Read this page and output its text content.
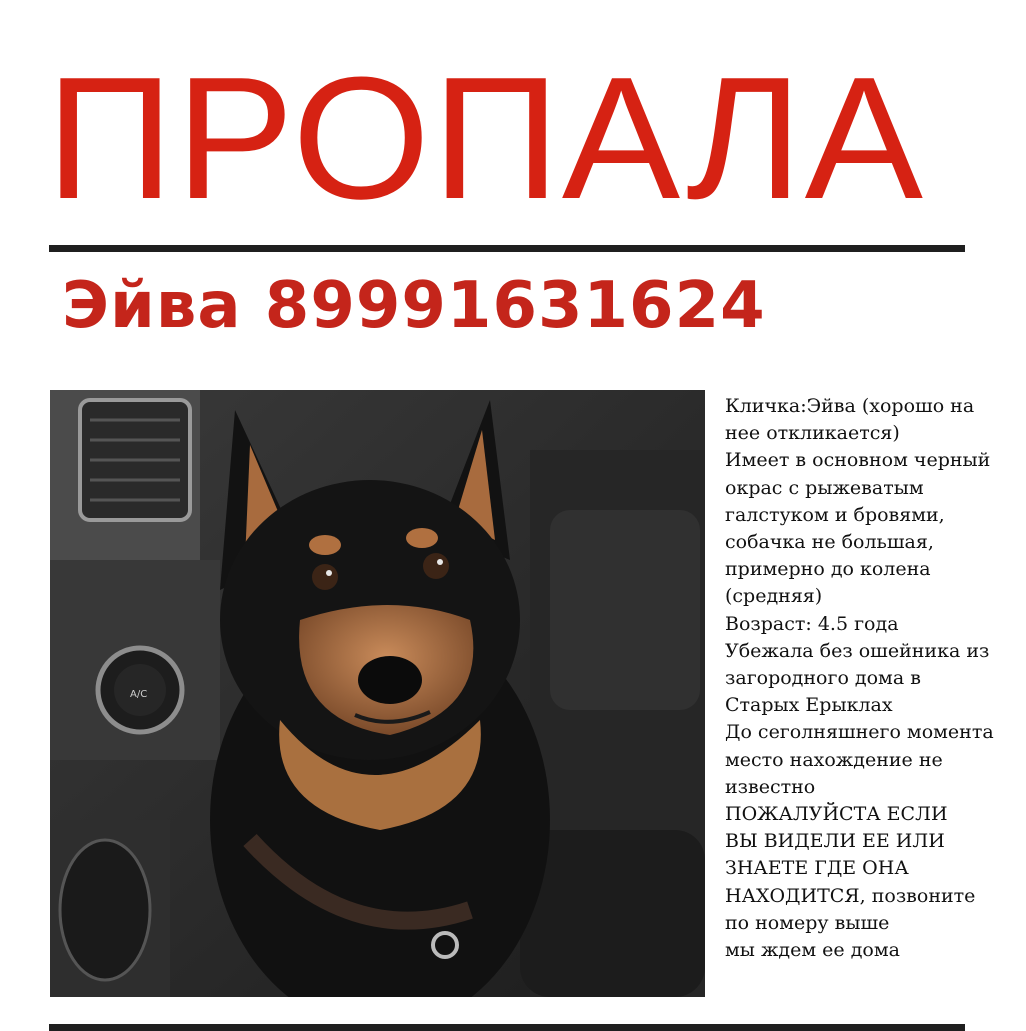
ПРОПАЛА
Эйва 89991631624
A/C
Кличка:Эйва (хорошо на
нее откликается)
Имеет в основном черный
окрас с рыжеватым
галстуком и бровями,
собачка не большая,
примерно до колена
(средняя)
Возраст: 4.5 года
Убежала без ошейника из
загородного дома в
Старых Ерыклах
До сеголняшнего момента
место нахождение не
известно
ПОЖАЛУЙСТА ЕСЛИ
ВЫ ВИДЕЛИ ЕЕ ИЛИ
ЗНАЕТЕ ГДЕ ОНА
НАХОДИТСЯ, позвоните
по номеру выше
мы ждем ее дома
